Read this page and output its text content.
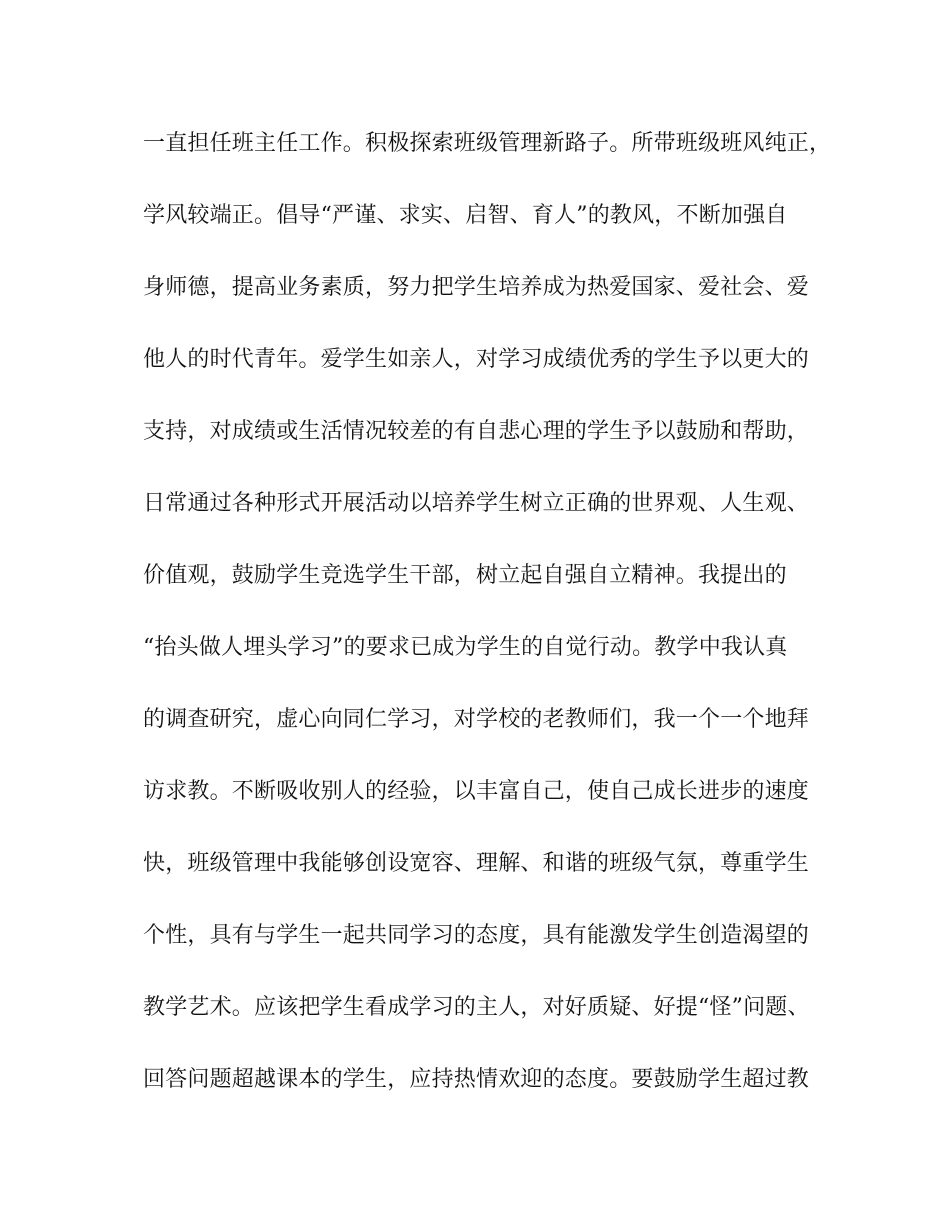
一直担任班主任工作。积极探索班级管理新路子。所带班级班风纯正，
学风较端正。倡导“严谨、求实、启智、育人”的教风，不断加强自
身师德，提高业务素质，努力把学生培养成为热爱国家、爱社会、爱
他人的时代青年。爱学生如亲人，对学习成绩优秀的学生予以更大的
支持，对成绩或生活情况较差的有自悲心理的学生予以鼓励和帮助，
日常通过各种形式开展活动以培养学生树立正确的世界观、人生观、
价值观，鼓励学生竞选学生干部，树立起自强自立精神。我提出的
“抬头做人埋头学习”的要求已成为学生的自觉行动。教学中我认真
的调查研究，虚心向同仁学习，对学校的老教师们，我一个一个地拜
访求教。不断吸收别人的经验，以丰富自己，使自己成长进步的速度
快，班级管理中我能够创设宽容、理解、和谐的班级气氛，尊重学生
个性，具有与学生一起共同学习的态度，具有能激发学生创造渴望的
教学艺术。应该把学生看成学习的主人，对好质疑、好提“怪”问题、
回答问题超越课本的学生，应持热情欢迎的态度。要鼓励学生超过教
